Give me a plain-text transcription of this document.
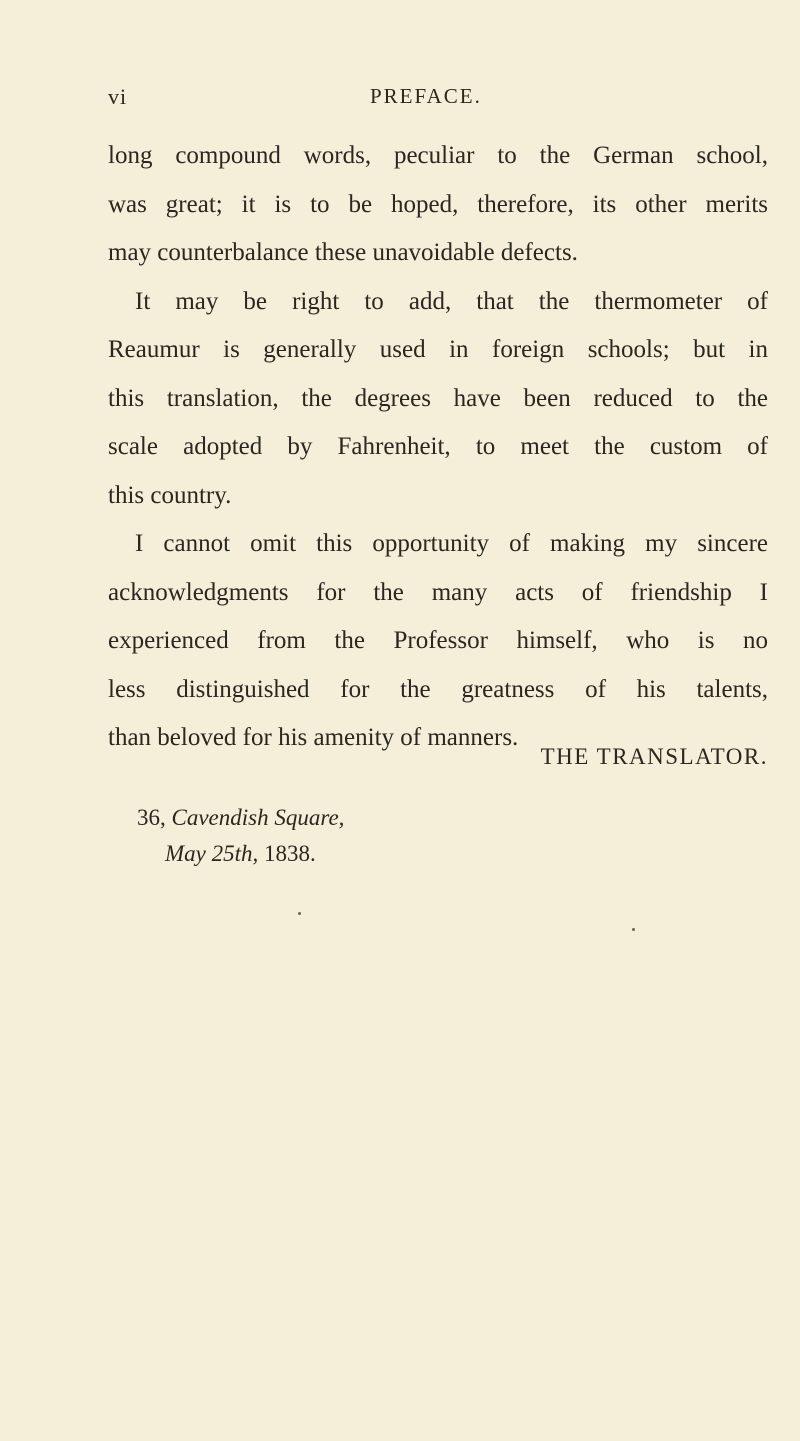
vi	PREFACE.
long compound words, peculiar to the German school,
was great; it is to be hoped, therefore, its other merits
may counterbalance these unavoidable defects.
It may be right to add, that the thermometer of
Reaumur is generally used in foreign schools; but in
this translation, the degrees have been reduced to the
scale adopted by Fahrenheit, to meet the custom of
this country.
I cannot omit this opportunity of making my sincere
acknowledgments for the many acts of friendship I
experienced from the Professor himself, who is no
less distinguished for the greatness of his talents,
than beloved for his amenity of manners.
THE TRANSLATOR.
36, Cavendish Square,
May 25th, 1838.
